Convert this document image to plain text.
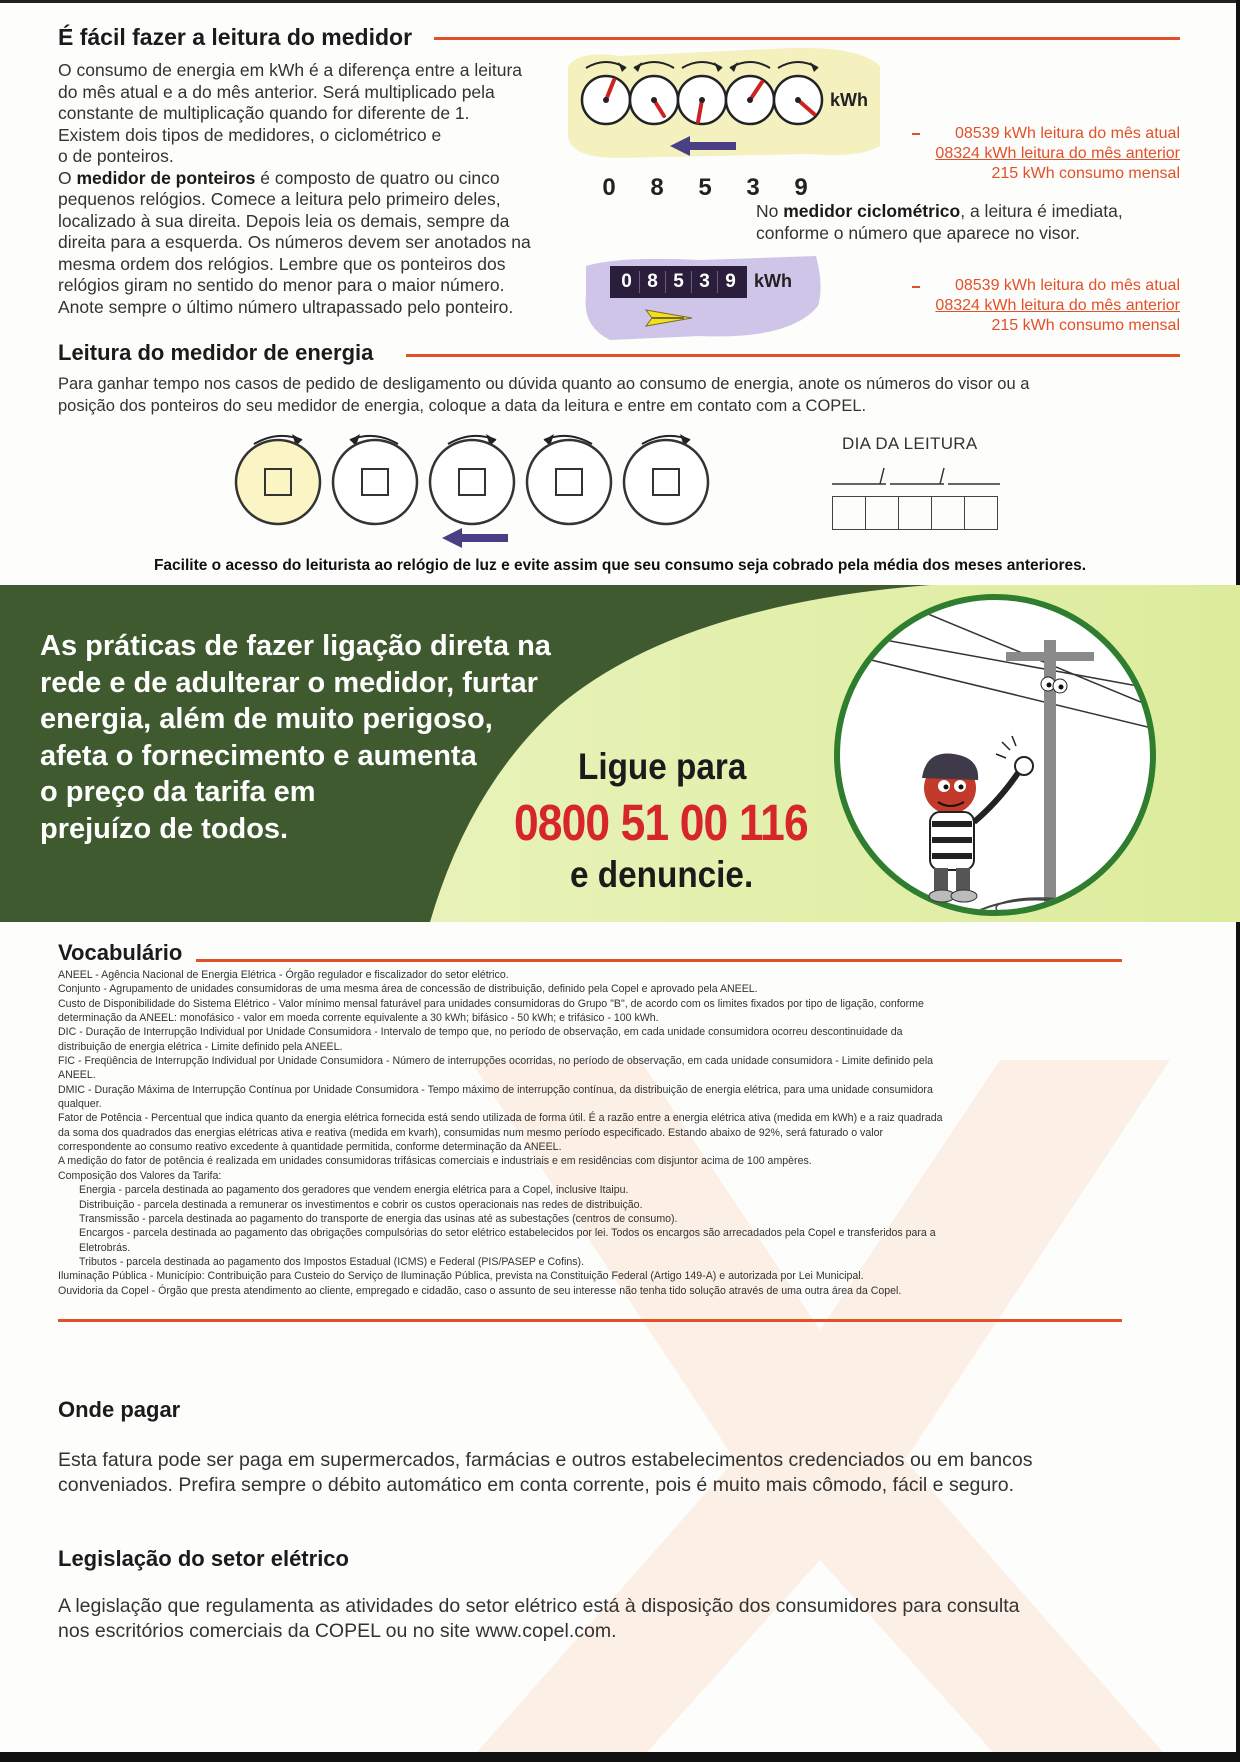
É fácil fazer a leitura do medidor
O consumo de energia em kWh é a diferença entre a leitura
do mês atual e a do mês anterior. Será multiplicado pela
constante de multiplicação quando for diferente de 1.
Existem dois tipos de medidores, o ciclométrico e
o de ponteiros.
O medidor de ponteiros é composto de quatro ou cinco
pequenos relógios. Comece a leitura pelo primeiro deles,
localizado à sua direita. Depois leia os demais, sempre da
direita para a esquerda. Os números devem ser anotados na
mesma ordem dos relógios. Lembre que os ponteiros dos
relógios giram no sentido do menor para o maior número.
Anote sempre o último número ultrapassado pelo ponteiro.
kWh
0 8 5 3 9
08539 kWh leitura do mês atual
08324 kWh leitura do mês anterior
215 kWh consumo mensal
No medidor ciclométrico, a leitura é imediata,
conforme o número que aparece no visor.
0 8 5 3 9	kWh	08539 kWh leitura do mês atual
08324 kWh leitura do mês anterior
215 kWh consumo mensal
Leitura do medidor de energia
Para ganhar tempo nos casos de pedido de desligamento ou dúvida quanto ao consumo de energia, anote os números do visor ou a
posição dos ponteiros do seu medidor de energia, coloque a data da leitura e entre em contato com a COPEL.
DIA DA LEITURA
Facilite o acesso do leiturista ao relógio de luz e evite assim que seu consumo seja cobrado pela média dos meses anteriores.
As práticas de fazer ligação direta na
rede e de adulterar o medidor, furtar
energia, além de muito perigoso,
afeta o fornecimento e aumenta
o preço da tarifa em
prejuízo de todos.
Ligue para
0800 51 00 116
e denuncie.
Vocabulário
ANEEL - Agência Nacional de Energia Elétrica - Órgão regulador e fiscalizador do setor elétrico.
Conjunto - Agrupamento de unidades consumidoras de uma mesma área de concessão de distribuição, definido pela Copel e aprovado pela ANEEL.
Custo de Disponibilidade do Sistema Elétrico - Valor mínimo mensal faturável para unidades consumidoras do Grupo "B", de acordo com os limites fixados por tipo de ligação, conforme
determinação da ANEEL: monofásico - valor em moeda corrente equivalente a 30 kWh; bifásico - 50 kWh; e trifásico - 100 kWh.
DIC - Duração de Interrupção Individual por Unidade Consumidora - Intervalo de tempo que, no período de observação, em cada unidade consumidora ocorreu descontinuidade da
distribuição de energia elétrica - Limite definido pela ANEEL.
FIC - Freqüência de Interrupção Individual por Unidade Consumidora - Número de interrupções ocorridas, no período de observação, em cada unidade consumidora - Limite definido pela
ANEEL.
DMIC - Duração Máxima de Interrupção Contínua por Unidade Consumidora - Tempo máximo de interrupção contínua, da distribuição de energia elétrica, para uma unidade consumidora
qualquer.
Fator de Potência - Percentual que indica quanto da energia elétrica fornecida está sendo utilizada de forma útil. É a razão entre a energia elétrica ativa (medida em kWh) e a raiz quadrada
da soma dos quadrados das energias elétricas ativa e reativa (medida em kvarh), consumidas num mesmo período especificado. Estando abaixo de 92%, será faturado o valor
correspondente ao consumo reativo excedente à quantidade permitida, conforme determinação da ANEEL.
A medição do fator de potência é realizada em unidades consumidoras trifásicas comerciais e industriais e em residências com disjuntor acima de 100 ampères.
Composição dos Valores da Tarifa:
Energia - parcela destinada ao pagamento dos geradores que vendem energia elétrica para a Copel, inclusive Itaipu.
Distribuição - parcela destinada a remunerar os investimentos e cobrir os custos operacionais nas redes de distribuição.
Transmissão - parcela destinada ao pagamento do transporte de energia das usinas até as subestações (centros de consumo).
Encargos - parcela destinada ao pagamento das obrigações compulsórias do setor elétrico estabelecidos por lei. Todos os encargos são arrecadados pela Copel e transferidos para a
Eletrobrás.
Tributos - parcela destinada ao pagamento dos Impostos Estadual (ICMS) e Federal (PIS/PASEP e Cofins).
Iluminação Pública - Município: Contribuição para Custeio do Serviço de Iluminação Pública, prevista na Constituição Federal (Artigo 149-A) e autorizada por Lei Municipal.
Ouvidoria da Copel - Órgão que presta atendimento ao cliente, empregado e cidadão, caso o assunto de seu interesse não tenha tido solução através de uma outra área da Copel.
Onde pagar
Esta fatura pode ser paga em supermercados, farmácias e outros estabelecimentos credenciados ou em bancos
conveniados. Prefira sempre o débito automático em conta corrente, pois é muito mais cômodo, fácil e seguro.
Legislação do setor elétrico
A legislação que regulamenta as atividades do setor elétrico está à disposição dos consumidores para consulta
nos escritórios comerciais da COPEL ou no site www.copel.com.
